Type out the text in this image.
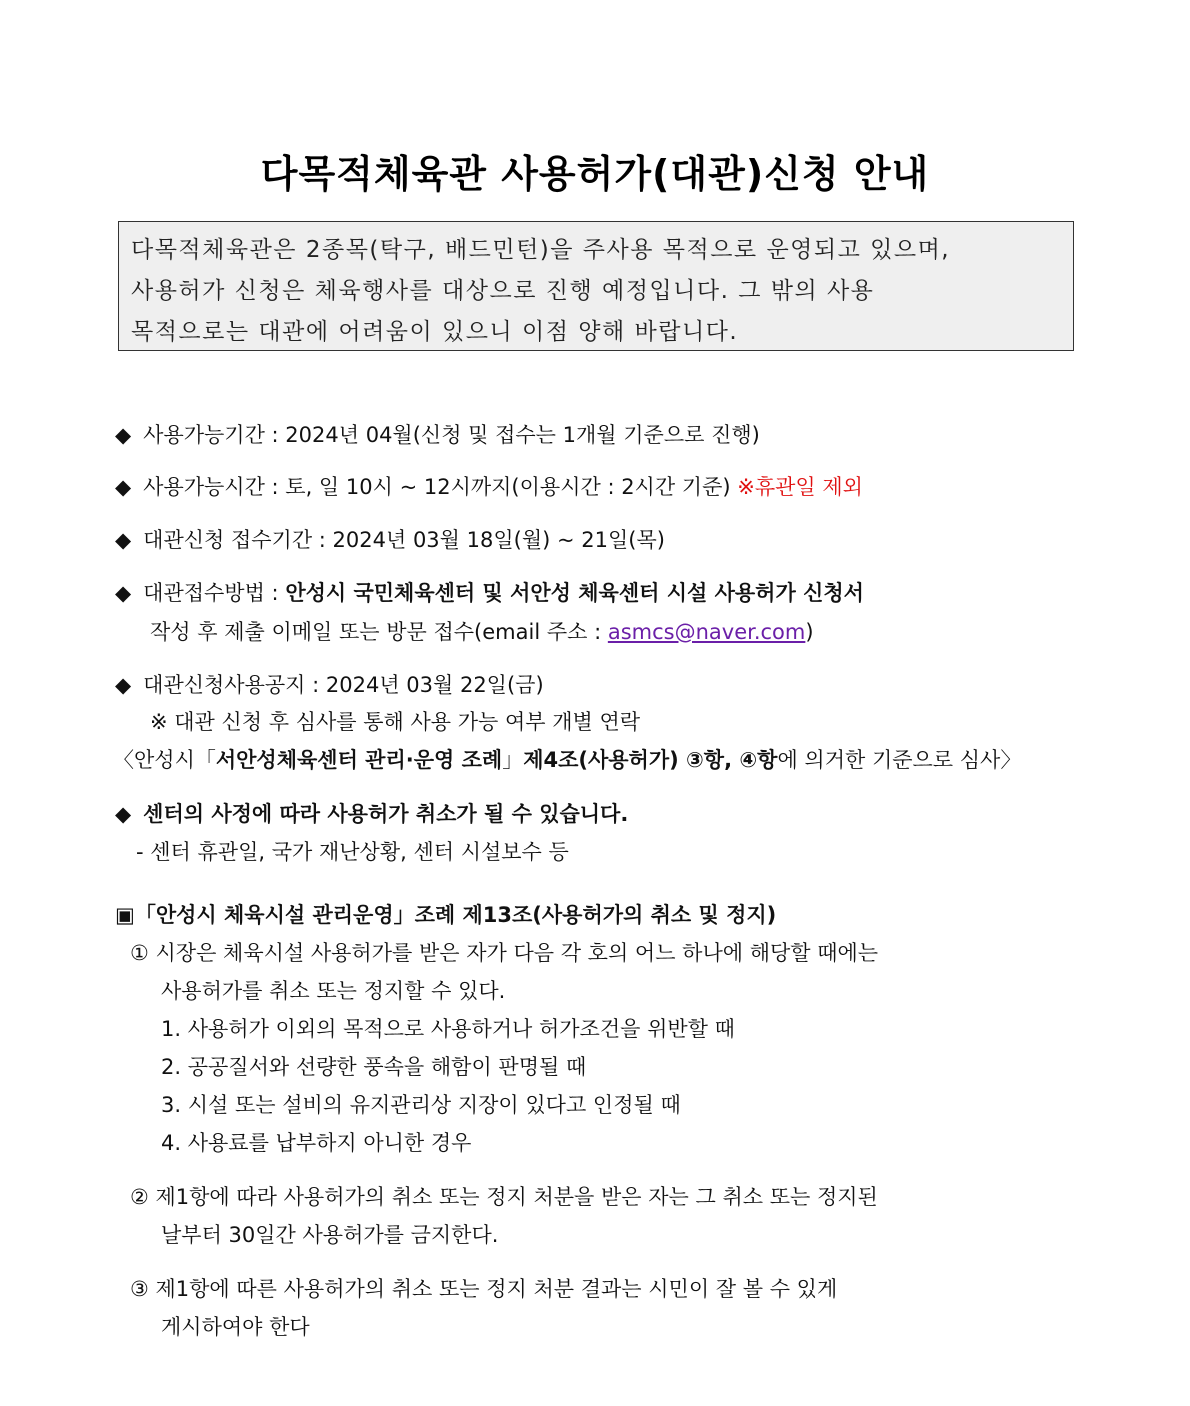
다목적체육관 사용허가(대관)신청 안내
다목적체육관은 2종목(탁구, 배드민턴)을 주사용 목적으로 운영되고 있으며,
사용허가 신청은 체육행사를 대상으로 진행 예정입니다. 그 밖의 사용
목적으로는 대관에 어려움이 있으니 이점 양해 바랍니다.
◆ 사용가능기간 : 2024년 04월(신청 및 접수는 1개월 기준으로 진행)
◆ 사용가능시간 : 토, 일 10시 ~ 12시까지(이용시간 : 2시간 기준) ※휴관일 제외
◆ 대관신청 접수기간 : 2024년 03월 18일(월) ~ 21일(목)
◆ 대관접수방법 : 안성시 국민체육센터 및 서안성 체육센터 시설 사용허가 신청서
작성 후 제출 이메일 또는 방문 접수(email 주소 : asmcs@naver.com)
◆ 대관신청사용공지 : 2024년 03월 22일(금)
※ 대관 신청 후 심사를 통해 사용 가능 여부 개별 연락
〈안성시「서안성체육센터 관리·운영 조례」제4조(사용허가) ③항, ④항에 의거한 기준으로 심사〉
◆ 센터의 사정에 따라 사용허가 취소가 될 수 있습니다.
- 센터 휴관일, 국가 재난상황, 센터 시설보수 등
▣「안성시 체육시설 관리운영」조례 제13조(사용허가의 취소 및 정지)
① 시장은 체육시설 사용허가를 받은 자가 다음 각 호의 어느 하나에 해당할 때에는
사용허가를 취소 또는 정지할 수 있다.
1. 사용허가 이외의 목적으로 사용하거나 허가조건을 위반할 때
2. 공공질서와 선량한 풍속을 해함이 판명될 때
3. 시설 또는 설비의 유지관리상 지장이 있다고 인정될 때
4. 사용료를 납부하지 아니한 경우
② 제1항에 따라 사용허가의 취소 또는 정지 처분을 받은 자는 그 취소 또는 정지된
날부터 30일간 사용허가를 금지한다.
③ 제1항에 따른 사용허가의 취소 또는 정지 처분 결과는 시민이 잘 볼 수 있게
게시하여야 한다
